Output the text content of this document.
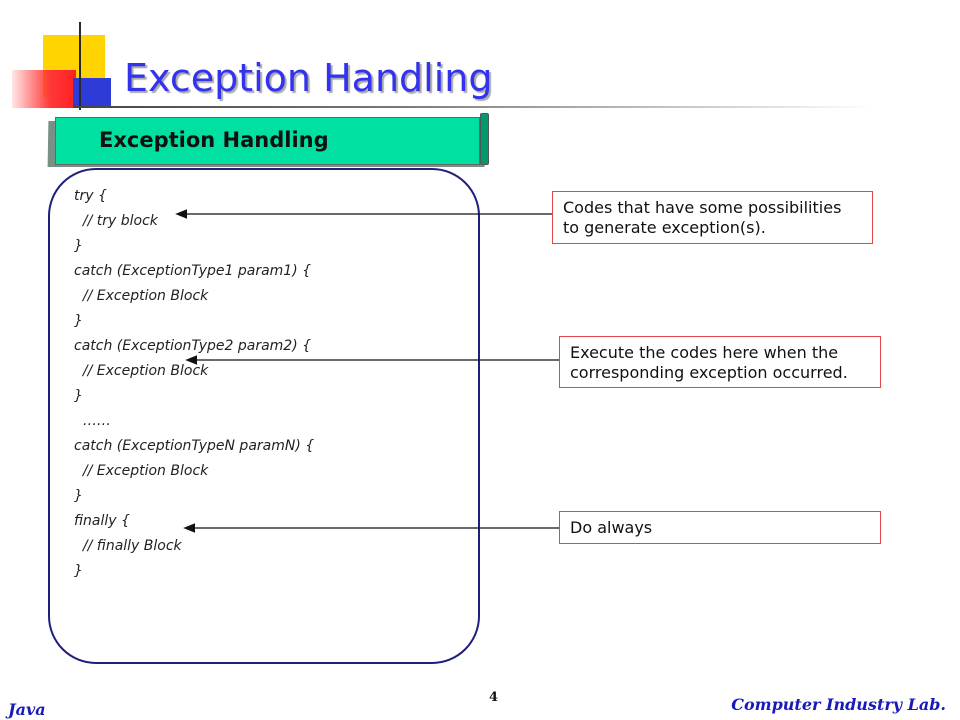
Exception Handling
Exception Handling
try {
// try block
}
catch (ExceptionType1 param1) {
// Exception Block
}
catch (ExceptionType2 param2) {
// Exception Block
}
……
catch (ExceptionTypeN paramN) {
// Exception Block
}
finally {
// finally Block
}
Codes that have some possibilities
to generate exception(s).
Execute the codes here when the
corresponding exception occurred.
Do always
Java
4	Computer Industry Lab.
